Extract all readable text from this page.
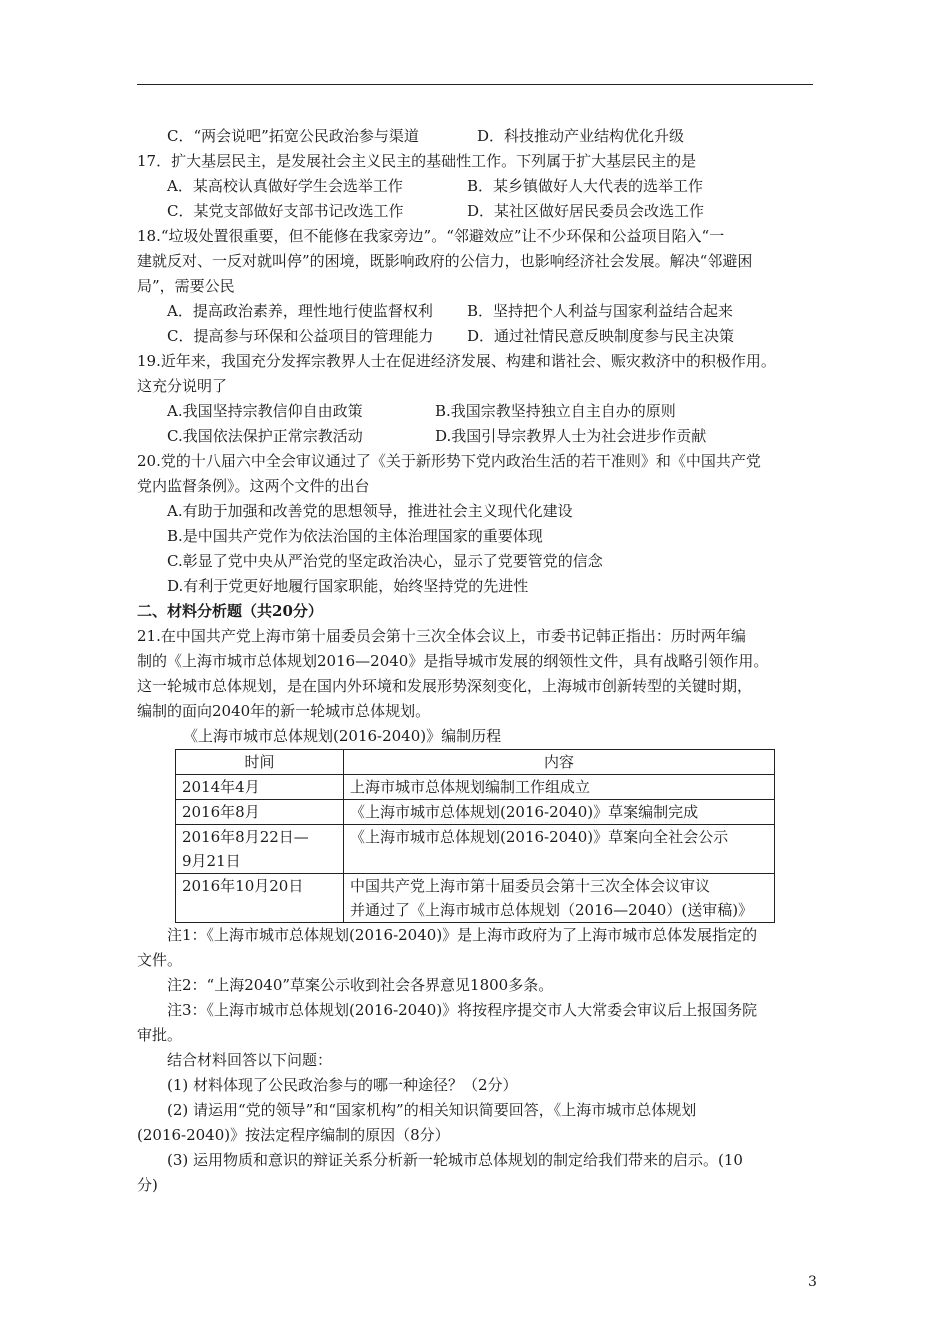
C．“两会说吧”拓宽公民政治参与渠道	D．科技推动产业结构优化升级
17．扩大基层民主，是发展社会主义民主的基础性工作。下列属于扩大基层民主的是
A．某高校认真做好学生会选举工作	B．某乡镇做好人大代表的选举工作
C．某党支部做好支部书记改选工作	D．某社区做好居民委员会改选工作
18.“垃圾处置很重要，但不能修在我家旁边”。“邻避效应”让不少环保和公益项目陷入“一
建就反对、一反对就叫停”的困境，既影响政府的公信力，也影响经济社会发展。解决“邻避困
局”，需要公民
A．提高政治素养，理性地行使监督权利 B．坚持把个人利益与国家利益结合起来
C．提高参与环保和公益项目的管理能力 D．通过社情民意反映制度参与民主决策
19.近年来，我国充分发挥宗教界人士在促进经济发展、构建和谐社会、赈灾救济中的积极作用。
这充分说明了
A.我国坚持宗教信仰自由政策	B.我国宗教坚持独立自主自办的原则
C.我国依法保护正常宗教活动	D.我国引导宗教界人士为社会进步作贡献
20.党的十八届六中全会审议通过了《关于新形势下党内政治生活的若干准则》和《中国共产党
党内监督条例》。这两个文件的出台
A.有助于加强和改善党的思想领导，推进社会主义现代化建设
B.是中国共产党作为依法治国的主体治理国家的重要体现
C.彰显了党中央从严治党的坚定政治决心，显示了党要管党的信念
D.有利于党更好地履行国家职能，始终坚持党的先进性
二、材料分析题（共20分）
21.在中国共产党上海市第十届委员会第十三次全体会议上，市委书记韩正指出：历时两年编
制的《上海市城市总体规划2016—2040》是指导城市发展的纲领性文件，具有战略引领作用。
这一轮城市总体规划，是在国内外环境和发展形势深刻变化，上海城市创新转型的关键时期，
编制的面向2040年的新一轮城市总体规划。
《上海市城市总体规划(2016-2040)》编制历程
时间	内容

2014年4月	上海市城市总体规划编制工作组成立

2016年8月	《上海市城市总体规划(2016-2040)》草案编制完成

2016年8月22日—
9月21日	《上海市城市总体规划(2016-2040)》草案向全社会公示

2016年10月20日	中国共产党上海市第十届委员会第十三次全体会议审议
并通过了《上海市城市总体规划（2016—2040）(送审稿)》
注1：《上海市城市总体规划(2016-2040)》是上海市政府为了上海市城市总体发展指定的
文件。
注2：“上海2040”草案公示收到社会各界意见1800多条。
注3：《上海市城市总体规划(2016-2040)》将按程序提交市人大常委会审议后上报国务院
审批。
结合材料回答以下问题：
(1) 材料体现了公民政治参与的哪一种途径？（2分）
(2) 请运用“党的领导”和“国家机构”的相关知识简要回答，《上海市城市总体规划
(2016-2040)》按法定程序编制的原因（8分）
(3) 运用物质和意识的辩证关系分析新一轮城市总体规划的制定给我们带来的启示。(10
分)
3
